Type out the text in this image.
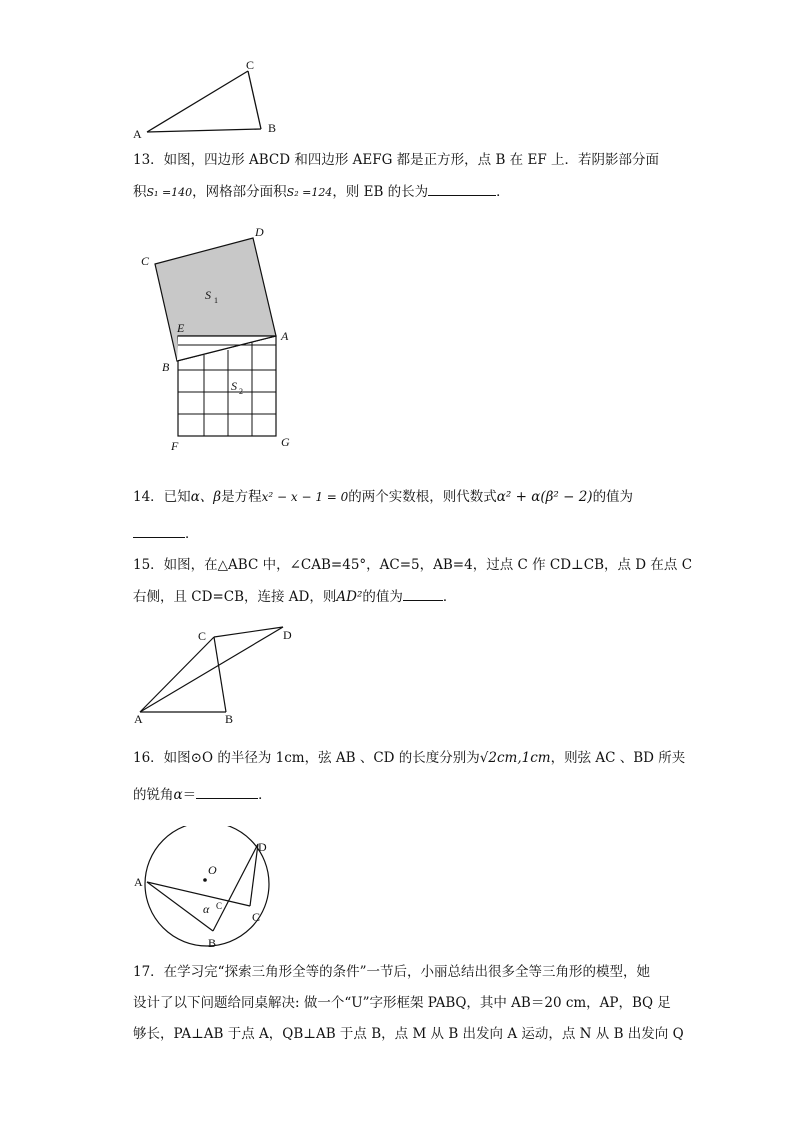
A	B
C
13．如图，四边形 ABCD 和四边形 AEFG 都是正方形，点 B 在 EF 上．若阴影部分面
积S₁ =140，网格部分面积S₂ =124，则 EB 的长为	．
C
D
E
A
B
F	G
S 1
S 2
14．已知α、β是方程x² − x − 1 = 0的两个实数根，则代数式α² + α(β² − 2)的值为
．
15．如图，在△ABC 中，∠CAB=45°，AC=5，AB=4，过点 C 作 CD⊥CB，点 D 在点 C
右侧，且 CD=CB，连接 AD，则AD²的值为	．
A	B
C	D
16．如图⊙O 的半径为 1cm，弦 AB 、CD 的长度分别为√2cm,1cm，则弦 AC 、BD 所夹
的锐角α＝	．
O
A
B
C
D
α C
17．在学习完“探索三角形全等的条件”一节后，小丽总结出很多全等三角形的模型，她
设计了以下问题给同桌解决: 做一个“U”字形框架 PABQ，其中 AB＝20 cm，AP，BQ 足
够长，PA⊥AB 于点 A，QB⊥AB 于点 B，点 M 从 B 出发向 A 运动，点 N 从 B 出发向 Q
